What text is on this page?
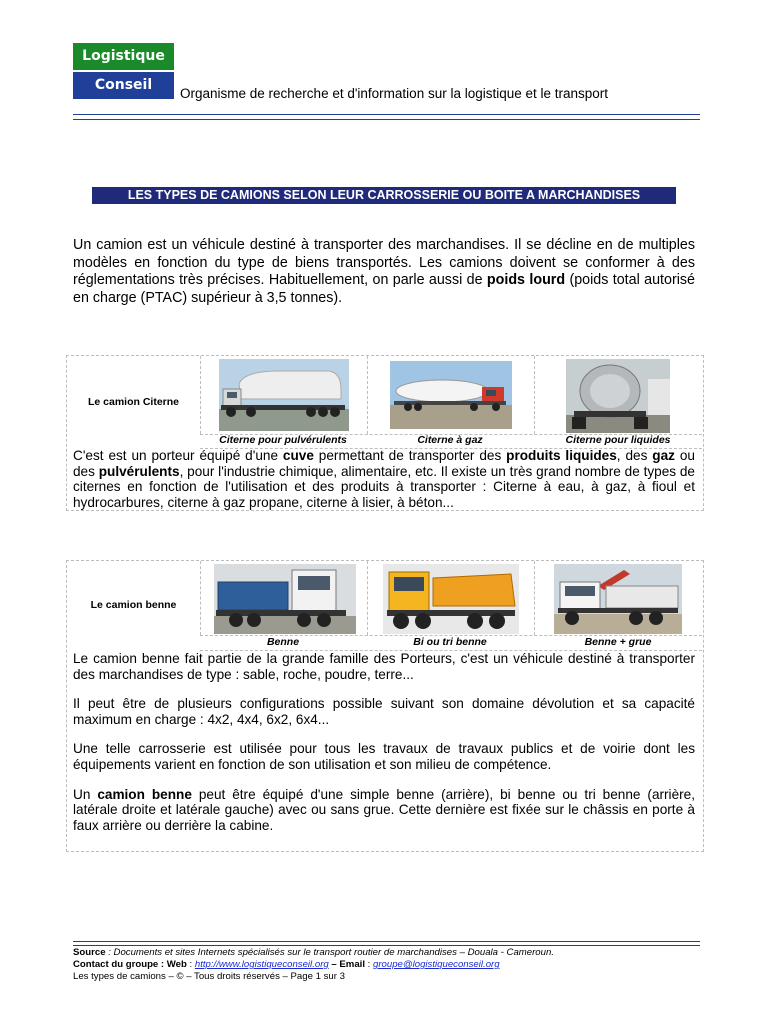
Logistique
Conseil
Organisme de recherche et d'information sur la logistique et le transport
LES TYPES DE CAMIONS SELON LEUR CARROSSERIE OU BOITE A MARCHANDISES
Un camion est un véhicule destiné à transporter des marchandises. Il se décline en de multiples modèles en fonction du type de biens transportés. Les camions doivent se conformer à des réglementations très précises. Habituellement, on parle aussi de poids lourd (poids total autorisé en charge (PTAC) supérieur à 3,5 tonnes).
Le camion Citerne
Citerne pour pulvérulents	Citerne à gaz	Citerne pour liquides
C'est est un porteur équipé d'une cuve permettant de transporter des produits liquides, des gaz ou des pulvérulents, pour l'industrie chimique, alimentaire, etc. Il existe un très grand nombre de types de citernes en fonction de l'utilisation et des produits à transporter : Citerne à eau, à gaz, à fioul et hydrocarbures, citerne à gaz propane, citerne à lisier, à béton...
Le camion benne
Benne	Bi ou tri benne	Benne + grue

Le camion benne fait partie de la grande famille des Porteurs, c'est un véhicule destiné à transporter des marchandises de type : sable, roche, poudre, terre...

Il peut être de plusieurs configurations possible suivant son domaine dévolution et sa capacité maximum en charge : 4x2, 4x4, 6x2, 6x4...

Une telle carrosserie est utilisée pour tous les travaux de travaux publics et de voirie dont les équipements varient en fonction de son utilisation et son milieu de compétence.

Un camion benne peut être équipé d'une simple benne (arrière), bi benne ou tri benne (arrière, latérale droite et latérale gauche) avec ou sans grue. Cette dernière est fixée sur le châssis en porte à faux arrière ou derrière la cabine.

Source : Documents et sites Internets spécialisés sur le transport routier de marchandises – Douala - Cameroun.
Contact du groupe : Web : http://www.logistiqueconseil.org – Email : groupe@logistiqueconseil.org
Les types de camions – © – Tous droits réservés – Page 1 sur 3
